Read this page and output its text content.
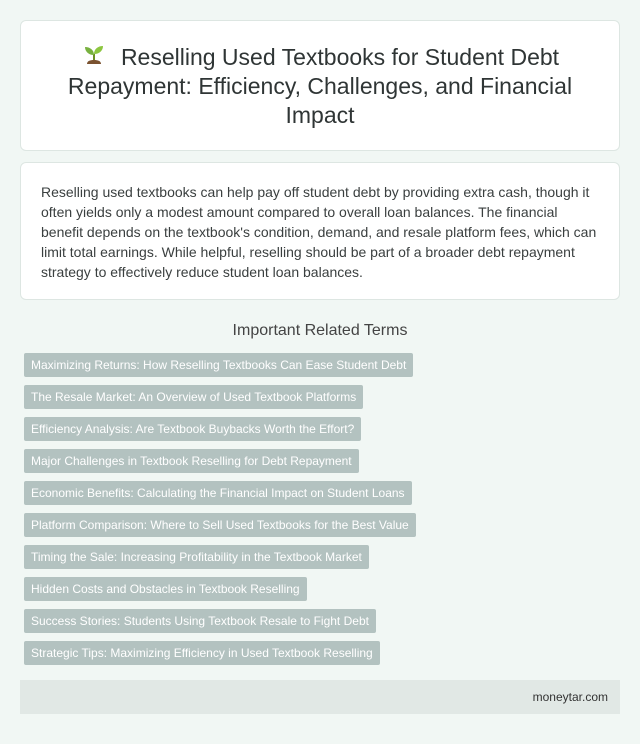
Reselling Used Textbooks for Student Debt Repayment: Efficiency, Challenges, and Financial Impact

Reselling used textbooks can help pay off student debt by providing extra cash, though it often yields only a modest amount compared to overall loan balances. The financial benefit depends on the textbook's condition, demand, and resale platform fees, which can limit total earnings. While helpful, reselling should be part of a broader debt repayment strategy to effectively reduce student loan balances.

Important Related Terms
Maximizing Returns: How Reselling Textbooks Can Ease Student Debt
The Resale Market: An Overview of Used Textbook Platforms
Efficiency Analysis: Are Textbook Buybacks Worth the Effort?
Major Challenges in Textbook Reselling for Debt Repayment
Economic Benefits: Calculating the Financial Impact on Student Loans
Platform Comparison: Where to Sell Used Textbooks for the Best Value
Timing the Sale: Increasing Profitability in the Textbook Market
Hidden Costs and Obstacles in Textbook Reselling
Success Stories: Students Using Textbook Resale to Fight Debt
Strategic Tips: Maximizing Efficiency in Used Textbook Reselling
moneytar.com
